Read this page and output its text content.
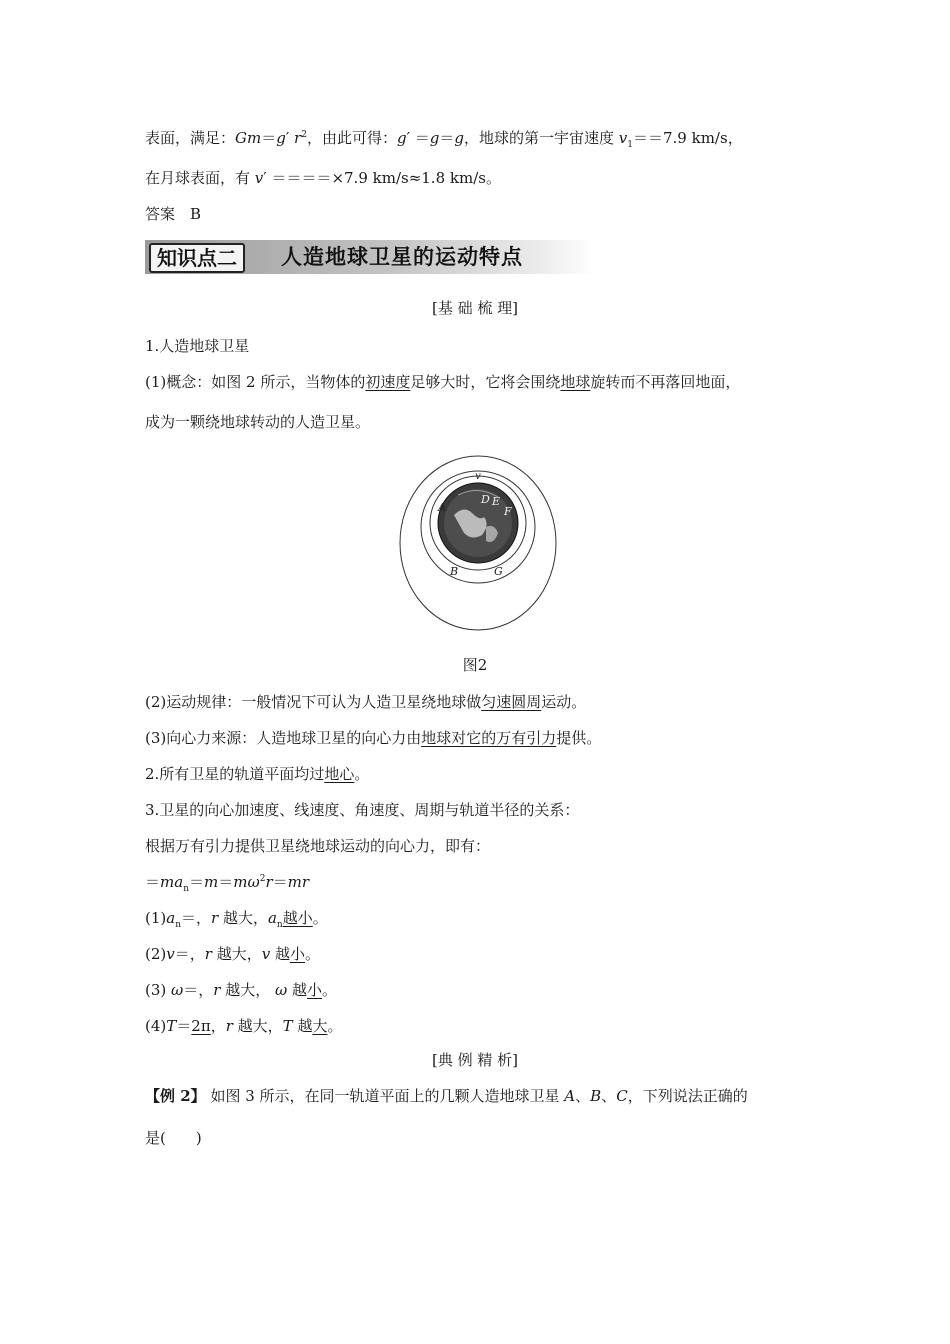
表面，满足：Gm＝g′ $r^2$，由此可得：g′ ＝g＝g，地球的第一宇宙速度 $v_1==7.9$ km/s，
在月球表面，有 v′ ＝＝＝＝×7.9 km/s≈1.8 km/s。
答案　B
知识点二	人造地球卫星的运动特点
[基 础 梳 理]
1.人造地球卫星
(1)概念：如图 2 所示，当物体的初速度足够大时，它将会围绕地球旋转而不再落回地面，
成为一颗绕地球转动的人造卫星。
v
A
D E
F
B	G
图2
(2)运动规律：一般情况下可认为人造卫星绕地球做匀速圆周运动。
(3)向心力来源：人造地球卫星的向心力由地球对它的万有引力提供。
2.所有卫星的轨道平面均过地心。
3.卫星的向心加速度、线速度、角速度、周期与轨道半径的关系：
根据万有引力提供卫星绕地球运动的向心力，即有：
$=ma_n=m=m\omega^2r=mr$
$(1)a_n=$，r 越大，$a_n$越小。
(2)v＝，r 越大，v 越小。
(3) ω＝，r 越大， ω 越小。
(4)T＝2π，r 越大，T 越大。
[典 例 精 析]
【例 2】 如图 3 所示，在同一轨道平面上的几颗人造地球卫星 A、B、C，下列说法正确的
是(　　)
